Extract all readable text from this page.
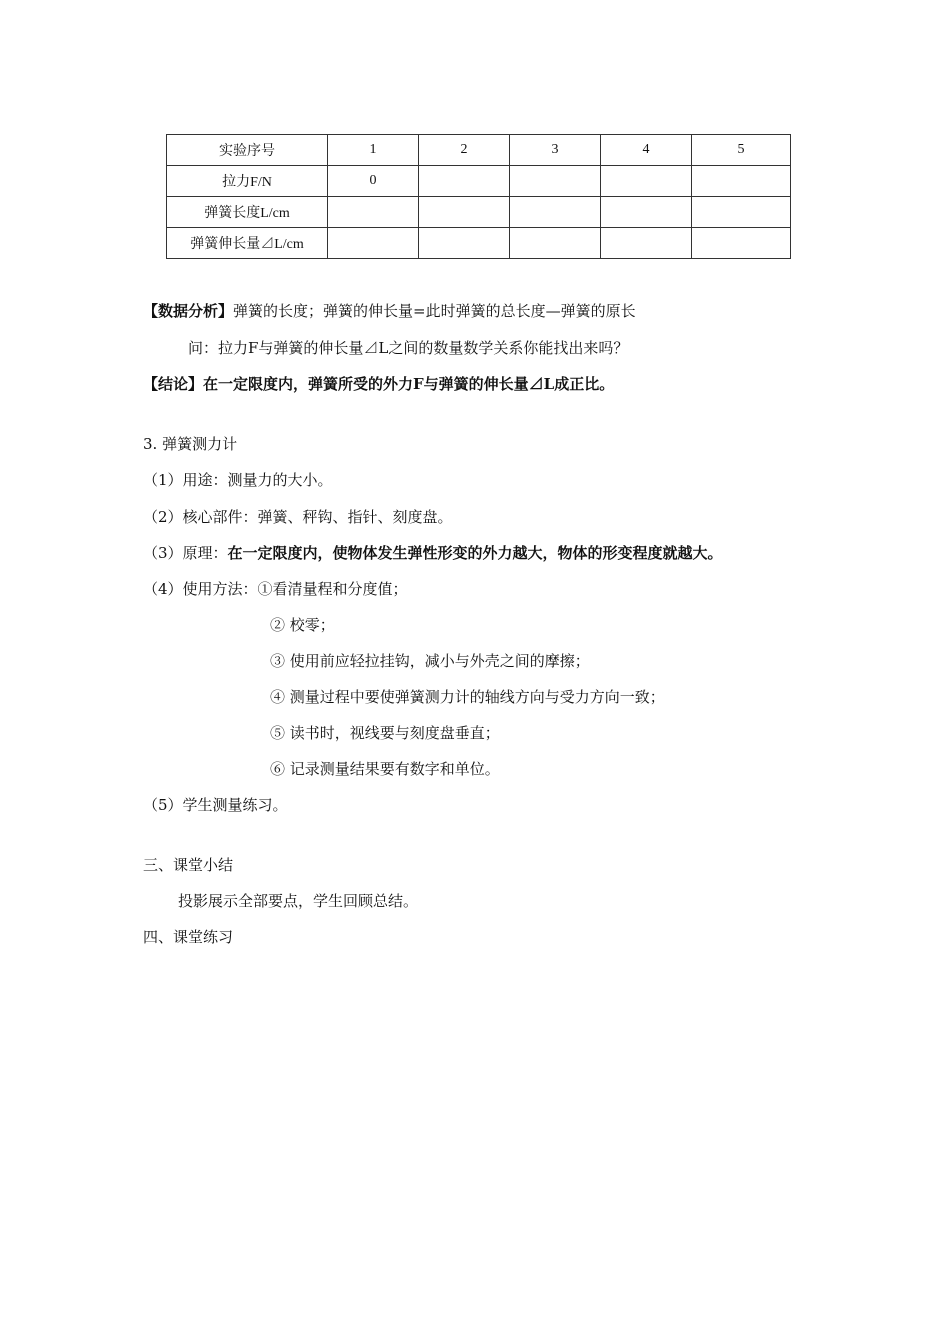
实验序号	1	2	3	4	5
拉力F/N	0				
弹簧长度L/cm					
弹簧伸长量⊿L/cm					
【数据分析】弹簧的长度；弹簧的伸长量=此时弹簧的总长度—弹簧的原长
问：拉力F与弹簧的伸长量⊿L之间的数量数学关系你能找出来吗？
【结论】在一定限度内，弹簧所受的外力F与弹簧的伸长量⊿L成正比。
3. 弹簧测力计
（1）用途：测量力的大小。
（2）核心部件：弹簧、秤钩、指针、刻度盘。
（3）原理：在一定限度内，使物体发生弹性形变的外力越大，物体的形变程度就越大。
（4）使用方法：①看清量程和分度值；
② 校零；
③ 使用前应轻拉挂钩，减小与外壳之间的摩擦；
④ 测量过程中要使弹簧测力计的轴线方向与受力方向一致；
⑤ 读书时，视线要与刻度盘垂直；
⑥ 记录测量结果要有数字和单位。
（5）学生测量练习。
三、课堂小结
投影展示全部要点，学生回顾总结。
四、课堂练习
